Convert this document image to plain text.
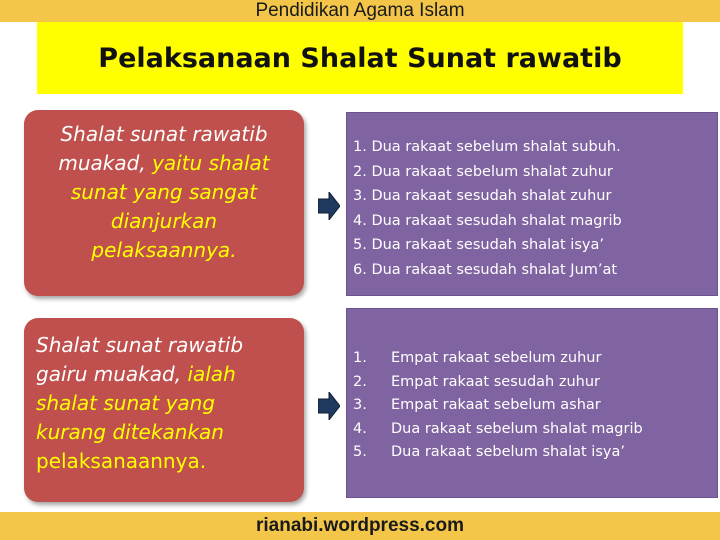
Pendidikan Agama Islam
Pelaksanaan Shalat Sunat rawatib
Shalat sunat rawatib
muakad, yaitu shalat
sunat yang sangat
dianjurkan
pelaksaannya.
1. Dua rakaat sebelum shalat subuh.
2. Dua rakaat sebelum shalat zuhur
3. Dua rakaat sesudah shalat zuhur
4. Dua rakaat sesudah shalat magrib
5. Dua rakaat sesudah shalat isya’
6. Dua rakaat sesudah shalat Jum’at
Shalat sunat rawatib
gairu muakad, ialah
shalat sunat yang
kurang ditekankan
pelaksanaannya.
1. Empat rakaat sebelum zuhur
2. Empat rakaat sesudah zuhur
3. Empat rakaat sebelum ashar
4. Dua rakaat sebelum shalat magrib
5. Dua rakaat sebelum shalat isya’
rianabi.wordpress.com
